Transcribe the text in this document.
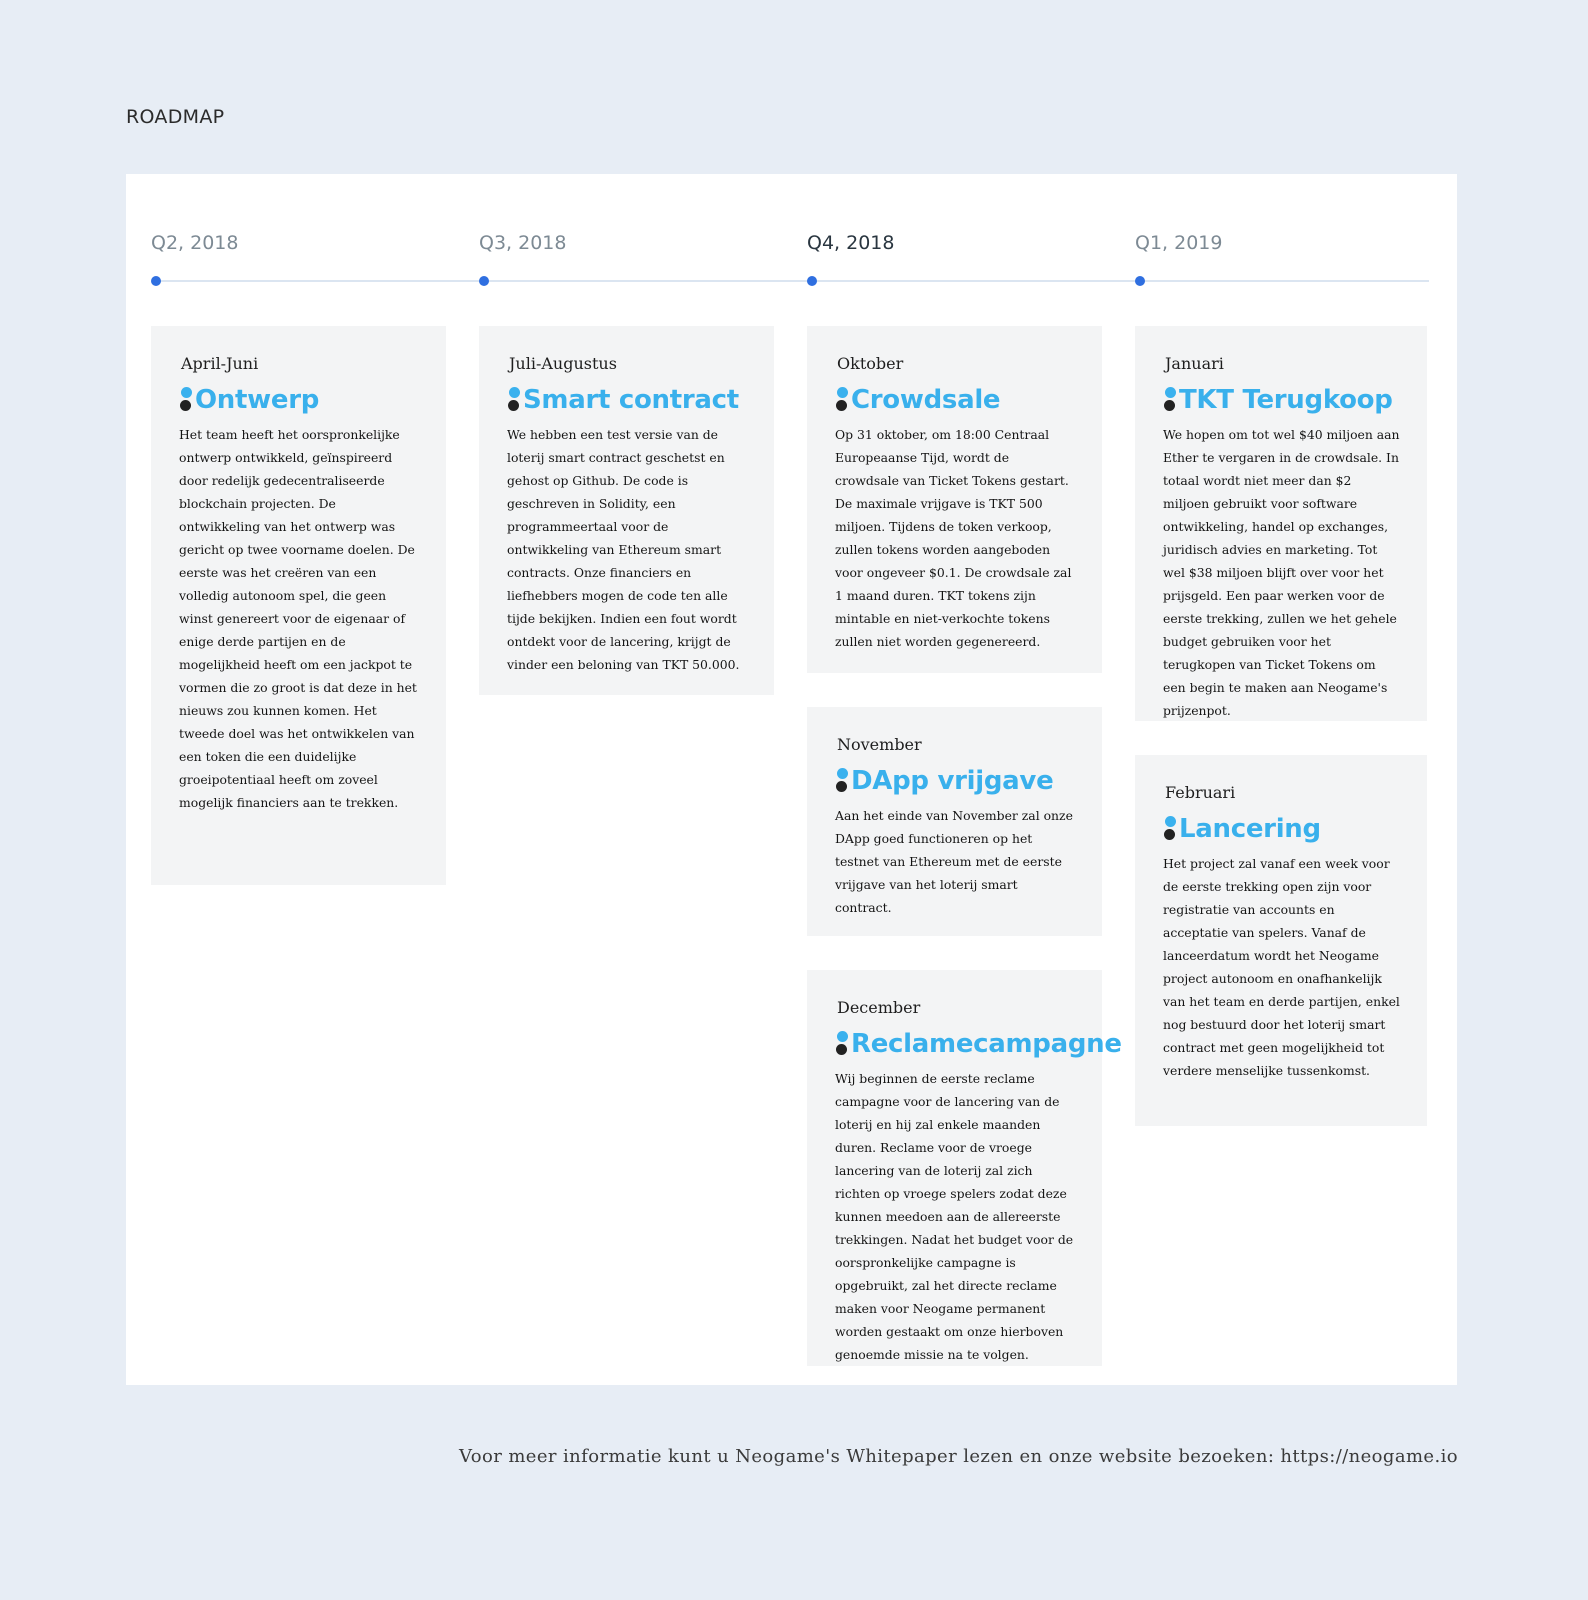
ROADMAP
Q2, 2018	Q3, 2018	Q4, 2018	Q1, 2019
April-Juni
Ontwerp

Het team heeft het oorspronkelijke ontwerp ontwikkeld, geïnspireerd door redelijk gedecentraliseerde blockchain projecten. De ontwikkeling van het ontwerp was gericht op twee voorname doelen. De eerste was het creëren van een volledig autonoom spel, die geen winst genereert voor de eigenaar of enige derde partijen en de mogelijkheid heeft om een jackpot te vormen die zo groot is dat deze in het nieuws zou kunnen komen. Het tweede doel was het ontwikkelen van een token die een duidelijke groeipotentiaal heeft om zoveel mogelijk financiers aan te trekken.

Juli-Augustus
Smart contract

We hebben een test versie van de loterij smart contract geschetst en gehost op Github. De code is geschreven in Solidity, een programmeertaal voor de ontwikkeling van Ethereum smart contracts. Onze financiers en liefhebbers mogen de code ten alle tijde bekijken. Indien een fout wordt ontdekt voor de lancering, krijgt de vinder een beloning van TKT 50.000.

Oktober
Crowdsale

Op 31 oktober, om 18:00 Centraal Europeaanse Tijd, wordt de crowdsale van Ticket Tokens gestart. De maximale vrijgave is TKT 500 miljoen. Tijdens de token verkoop, zullen tokens worden aangeboden voor ongeveer $0.1. De crowdsale zal 1 maand duren. TKT tokens zijn mintable en niet-verkochte tokens zullen niet worden gegenereerd.

November
DApp vrijgave

Aan het einde van November zal onze DApp goed functioneren op het testnet van Ethereum met de eerste vrijgave van het loterij smart contract.

December
Reclamecampagne

Wij beginnen de eerste reclame campagne voor de lancering van de loterij en hij zal enkele maanden duren. Reclame voor de vroege lancering van de loterij zal zich richten op vroege spelers zodat deze kunnen meedoen aan de allereerste trekkingen. Nadat het budget voor de oorspronkelijke campagne is opgebruikt, zal het directe reclame maken voor Neogame permanent worden gestaakt om onze hierboven genoemde missie na te volgen.

Januari
TKT Terugkoop

We hopen om tot wel $40 miljoen aan Ether te vergaren in de crowdsale. In totaal wordt niet meer dan $2 miljoen gebruikt voor software ontwikkeling, handel op exchanges, juridisch advies en marketing. Tot wel $38 miljoen blijft over voor het prijsgeld. Een paar werken voor de eerste trekking, zullen we het gehele budget gebruiken voor het terugkopen van Ticket Tokens om een begin te maken aan Neogame's prijzenpot.

Februari
Lancering

Het project zal vanaf een week voor de eerste trekking open zijn voor registratie van accounts en acceptatie van spelers. Vanaf de lanceerdatum wordt het Neogame project autonoom en onafhankelijk van het team en derde partijen, enkel nog bestuurd door het loterij smart contract met geen mogelijkheid tot verdere menselijke tussenkomst.

Voor meer informatie kunt u Neogame's Whitepaper lezen en onze website bezoeken: https://neogame.io
